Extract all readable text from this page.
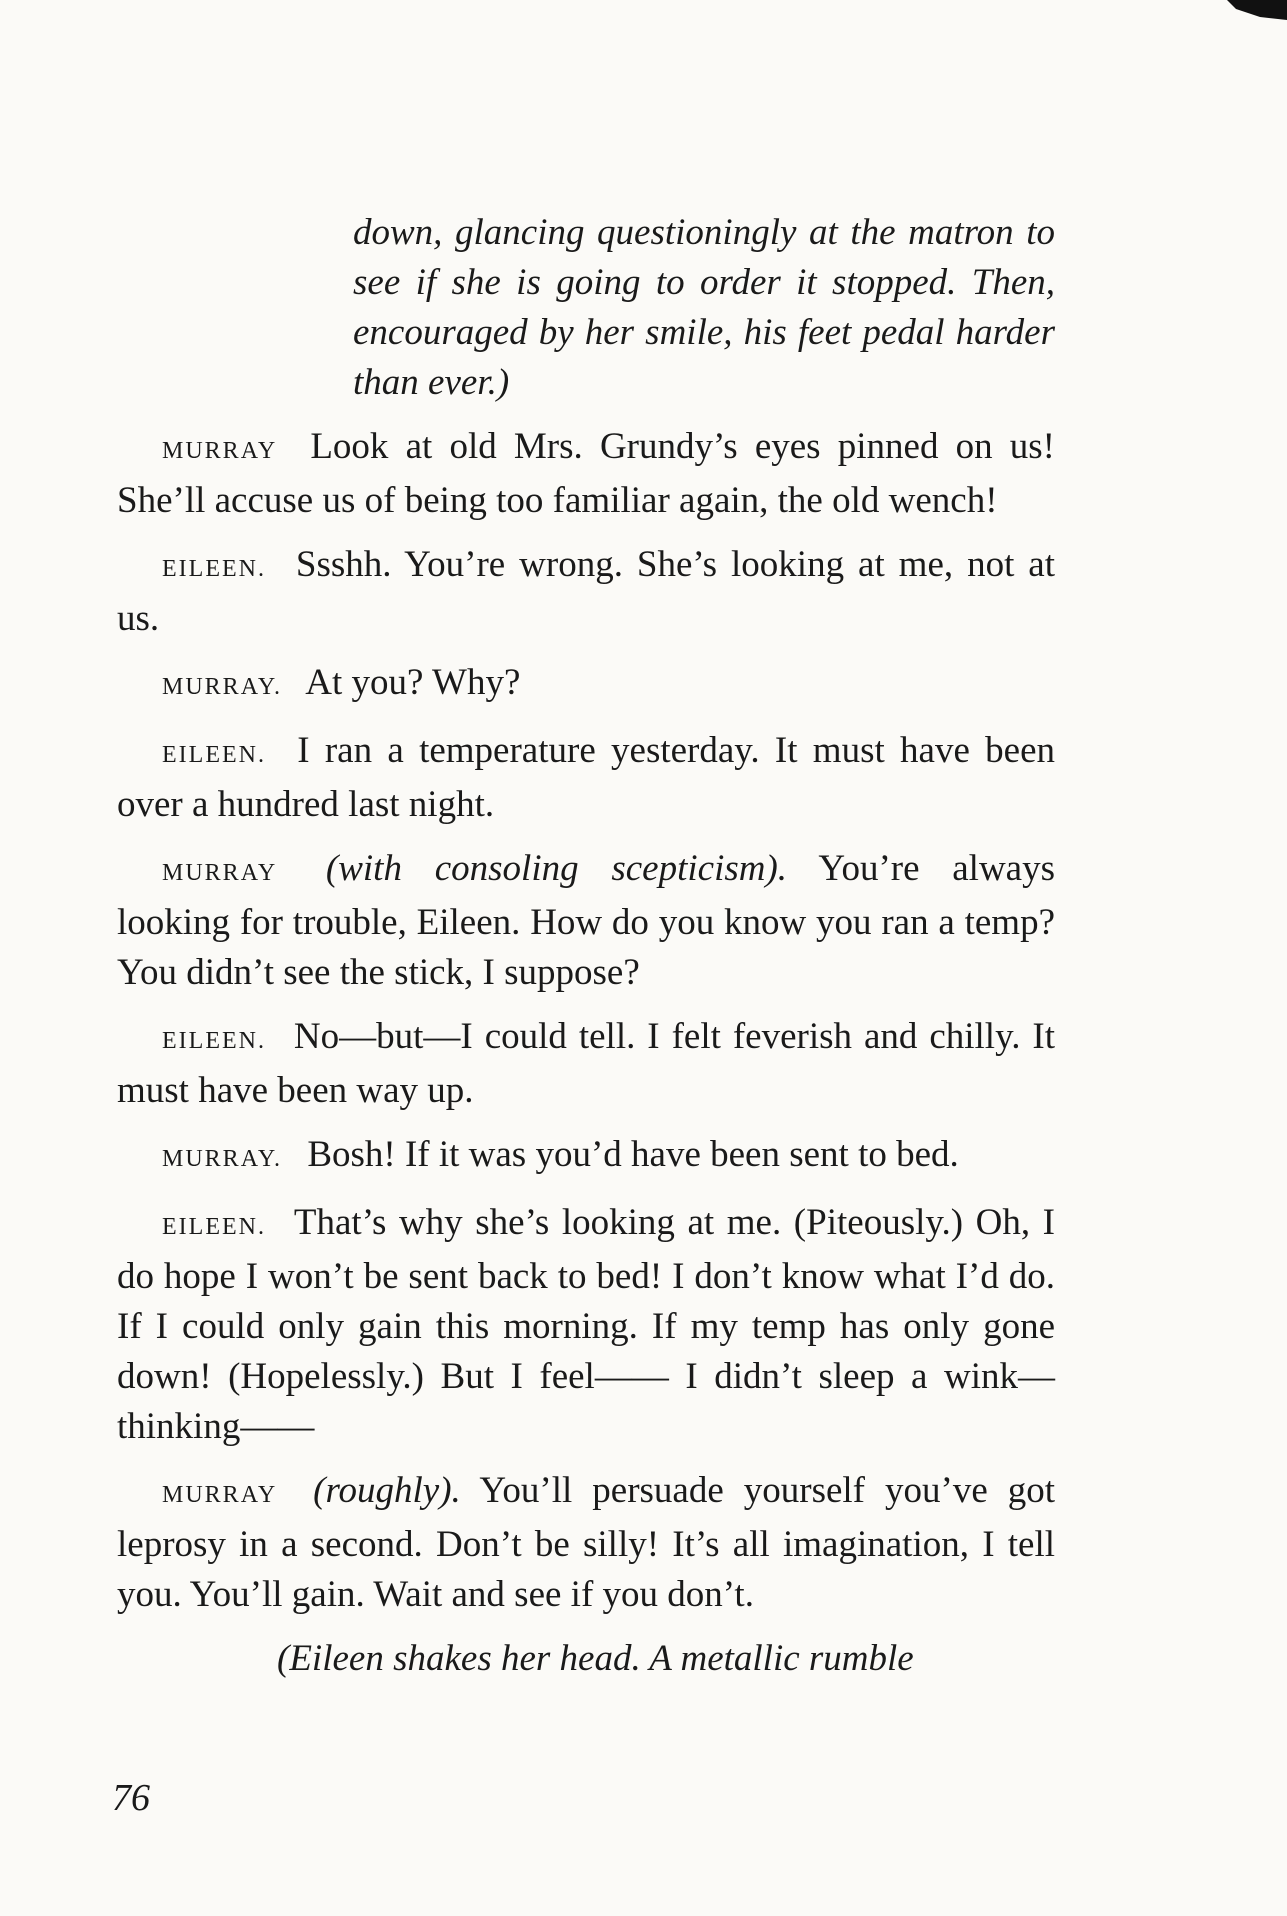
down, glancing questioningly at the matron to see if she is going to order it stopped. Then, encouraged by her smile, his feet pedal harder than ever.)

MURRAY Look at old Mrs. Grundy’s eyes pinned on us! She’ll accuse us of being too familiar again, the old wench!

EILEEN. Ssshh. You’re wrong. She’s looking at me, not at us.

MURRAY. At you? Why?

EILEEN. I ran a temperature yesterday. It must have been over a hundred last night.

MURRAY (with consoling scepticism). You’re always looking for trouble, Eileen. How do you know you ran a temp? You didn’t see the stick, I suppose?

EILEEN. No—but—I could tell. I felt feverish and chilly. It must have been way up.

MURRAY. Bosh! If it was you’d have been sent to bed.

EILEEN. That’s why she’s looking at me. (Piteously.) Oh, I do hope I won’t be sent back to bed! I don’t know what I’d do. If I could only gain this morning. If my temp has only gone down! (Hopelessly.) But I feel—— I didn’t sleep a wink—thinking——

MURRAY (roughly). You’ll persuade yourself you’ve got leprosy in a second. Don’t be silly! It’s all imagination, I tell you. You’ll gain. Wait and see if you don’t.

(Eileen shakes her head. A metallic rumble

76
